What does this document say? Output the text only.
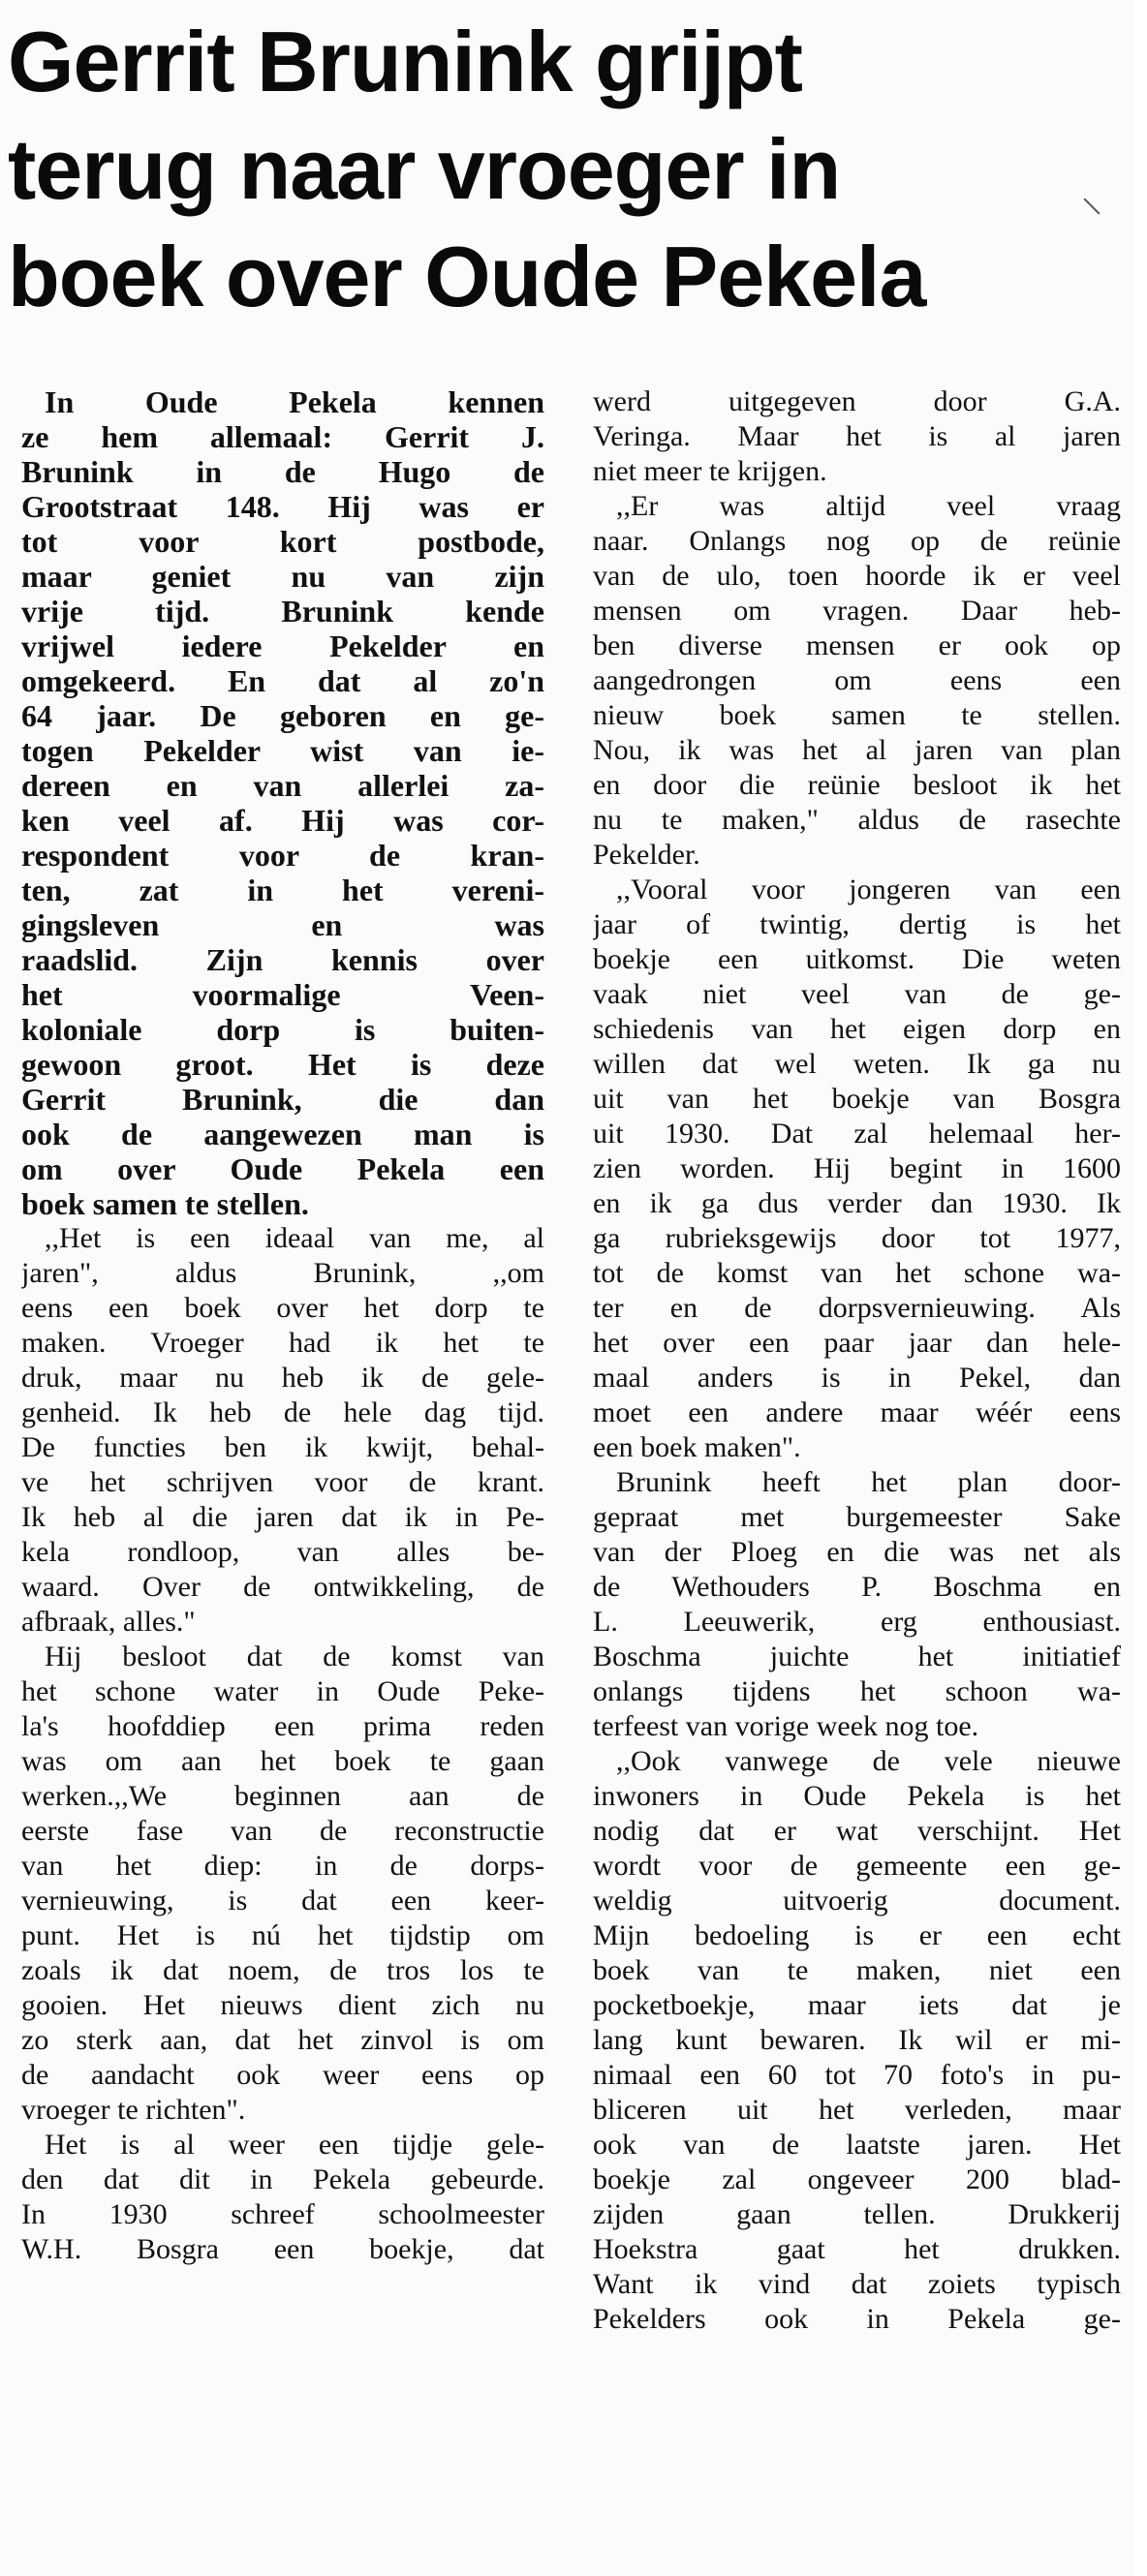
Gerrit Brunink grijpt
terug naar vroeger in
boek over Oude Pekela
In Oude Pekela kennen
ze hem allemaal: Gerrit J.
Brunink in de Hugo de
Grootstraat 148. Hij was er
tot voor kort postbode,
maar geniet nu van zijn
vrije tijd. Brunink kende
vrijwel iedere Pekelder en
omgekeerd. En dat al zo'n
64 jaar. De geboren en ge-
togen Pekelder wist van ie-
dereen en van allerlei za-
ken veel af. Hij was cor-
respondent voor de kran-
ten, zat in het vereni-
gingsleven en was
raadslid. Zijn kennis over
het voormalige Veen-
koloniale dorp is buiten-
gewoon groot. Het is deze
Gerrit Brunink, die dan
ook de aangewezen man is
om over Oude Pekela een
boek samen te stellen.
,,Het is een ideaal van me, al
jaren", aldus Brunink, ,,om
eens een boek over het dorp te
maken. Vroeger had ik het te
druk, maar nu heb ik de gele-
genheid. Ik heb de hele dag tijd.
De functies ben ik kwijt, behal-
ve het schrijven voor de krant.
Ik heb al die jaren dat ik in Pe-
kela rondloop, van alles be-
waard. Over de ontwikkeling, de
afbraak, alles."
Hij besloot dat de komst van
het schone water in Oude Peke-
la's hoofddiep een prima reden
was om aan het boek te gaan
werken.,,We beginnen aan de
eerste fase van de reconstructie
van het diep: in de dorps-
vernieuwing, is dat een keer-
punt. Het is nú het tijdstip om
zoals ik dat noem, de tros los te
gooien. Het nieuws dient zich nu
zo sterk aan, dat het zinvol is om
de aandacht ook weer eens op
vroeger te richten".
Het is al weer een tijdje gele-
den dat dit in Pekela gebeurde.
In 1930 schreef schoolmeester
W.H. Bosgra een boekje, dat
werd uitgegeven door G.A.
Veringa. Maar het is al jaren
niet meer te krijgen.
,,Er was altijd veel vraag
naar. Onlangs nog op de reünie
van de ulo, toen hoorde ik er veel
mensen om vragen. Daar heb-
ben diverse mensen er ook op
aangedrongen om eens een
nieuw boek samen te stellen.
Nou, ik was het al jaren van plan
en door die reünie besloot ik het
nu te maken," aldus de rasechte
Pekelder.
,,Vooral voor jongeren van een
jaar of twintig, dertig is het
boekje een uitkomst. Die weten
vaak niet veel van de ge-
schiedenis van het eigen dorp en
willen dat wel weten. Ik ga nu
uit van het boekje van Bosgra
uit 1930. Dat zal helemaal her-
zien worden. Hij begint in 1600
en ik ga dus verder dan 1930. Ik
ga rubrieksgewijs door tot 1977,
tot de komst van het schone wa-
ter en de dorpsvernieuwing. Als
het over een paar jaar dan hele-
maal anders is in Pekel, dan
moet een andere maar wéér eens
een boek maken".
Brunink heeft het plan door-
gepraat met burgemeester Sake
van der Ploeg en die was net als
de Wethouders P. Boschma en
L. Leeuwerik, erg enthousiast.
Boschma juichte het initiatief
onlangs tijdens het schoon wa-
terfeest van vorige week nog toe.
,,Ook vanwege de vele nieuwe
inwoners in Oude Pekela is het
nodig dat er wat verschijnt. Het
wordt voor de gemeente een ge-
weldig uitvoerig document.
Mijn bedoeling is er een echt
boek van te maken, niet een
pocketboekje, maar iets dat je
lang kunt bewaren. Ik wil er mi-
nimaal een 60 tot 70 foto's in pu-
bliceren uit het verleden, maar
ook van de laatste jaren. Het
boekje zal ongeveer 200 blad-
zijden gaan tellen. Drukkerij
Hoekstra gaat het drukken.
Want ik vind dat zoiets typisch
Pekelders ook in Pekela ge-
